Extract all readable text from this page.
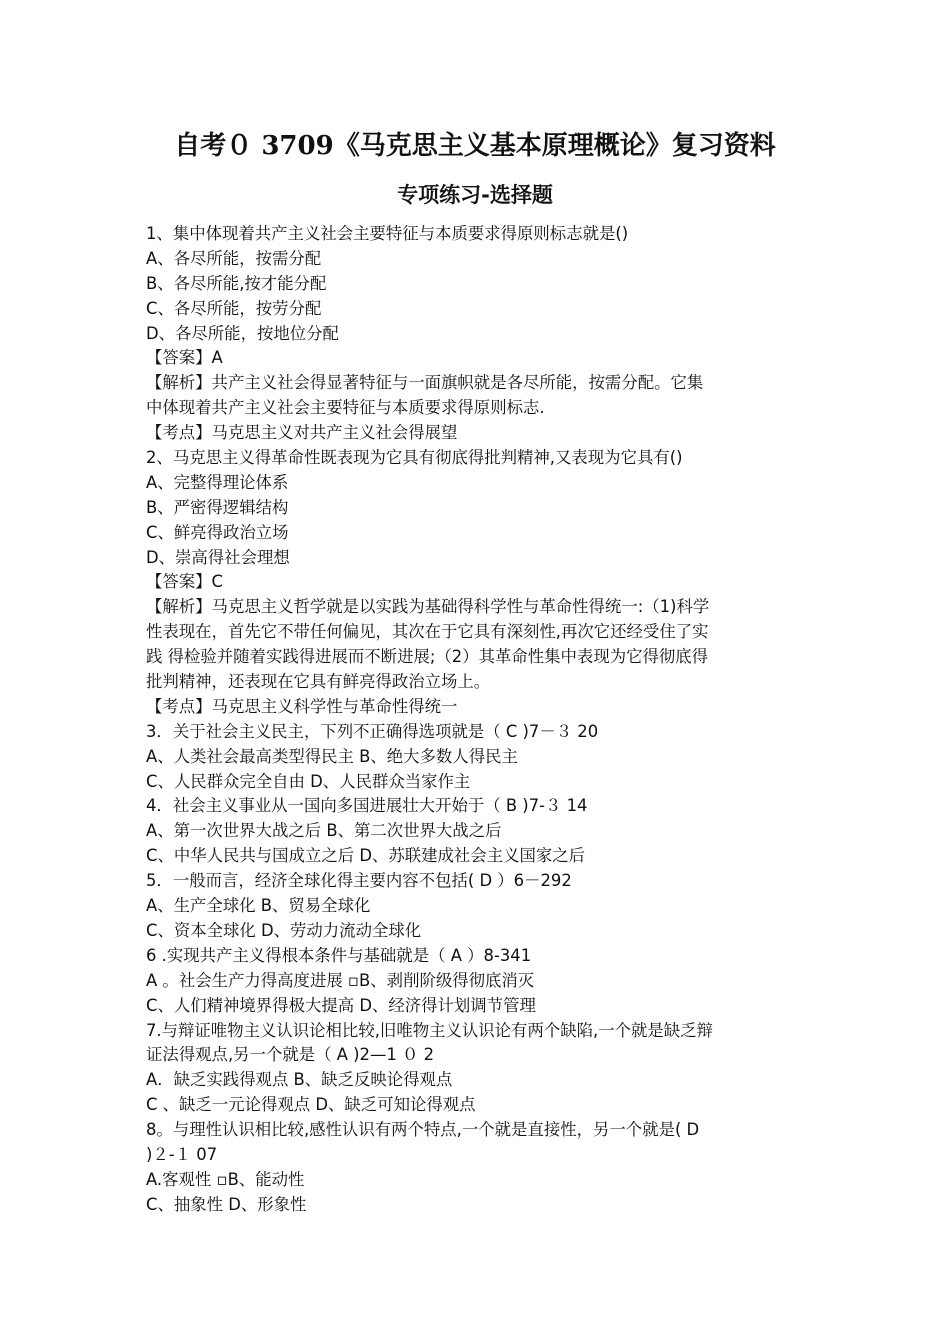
自考０ 3709《马克思主义基本原理概论》复习资料
专项练习-选择题
1、集中体现着共产主义社会主要特征与本质要求得原则标志就是()
A、各尽所能，按需分配
B、各尽所能,按才能分配
C、各尽所能，按劳分配
D、各尽所能，按地位分配
【答案】A
【解析】共产主义社会得显著特征与一面旗帜就是各尽所能，按需分配。它集
中体现着共产主义社会主要特征与本质要求得原则标志.
【考点】马克思主义对共产主义社会得展望
2、马克思主义得革命性既表现为它具有彻底得批判精神,又表现为它具有()
A、完整得理论体系
B、严密得逻辑结构
C、鲜亮得政治立场
D、崇高得社会理想
【答案】C
【解析】马克思主义哲学就是以实践为基础得科学性与革命性得统一:（1)科学
性表现在，首先它不带任何偏见，其次在于它具有深刻性,再次它还经受住了实
践 得检验并随着实践得进展而不断进展;（2）其革命性集中表现为它得彻底得
批判精神，还表现在它具有鲜亮得政治立场上。
【考点】马克思主义科学性与革命性得统一
3．关于社会主义民主，下列不正确得选项就是（ C )7－３ 20
A、人类社会最高类型得民主 B、绝大多数人得民主
C、人民群众完全自由 D、人民群众当家作主
4．社会主义事业从一国向多国进展壮大开始于（ B )7-３ 14
A、第一次世界大战之后 B、第二次世界大战之后
C、中华人民共与国成立之后 D、苏联建成社会主义国家之后
5．一般而言，经济全球化得主要内容不包括( D ）6－292
A、生产全球化 B、贸易全球化
C、资本全球化 D、劳动力流动全球化
6 .实现共产主义得根本条件与基础就是（ A ）8-341
A 。社会生产力得高度进展 ▫B、剥削阶级得彻底消灭
C、人们精神境界得极大提高 D、经济得计划调节管理
7.与辩证唯物主义认识论相比较,旧唯物主义认识论有两个缺陷,一个就是缺乏辩
证法得观点,另一个就是（ A )2—1 ０ 2
A．缺乏实践得观点 B、缺乏反映论得观点
C 、缺乏一元论得观点 D、缺乏可知论得观点
8。与理性认识相比较,感性认识有两个特点,一个就是直接性，另一个就是( D
)２-１ 07
A.客观性 ▫B、能动性
C、抽象性 D、形象性
